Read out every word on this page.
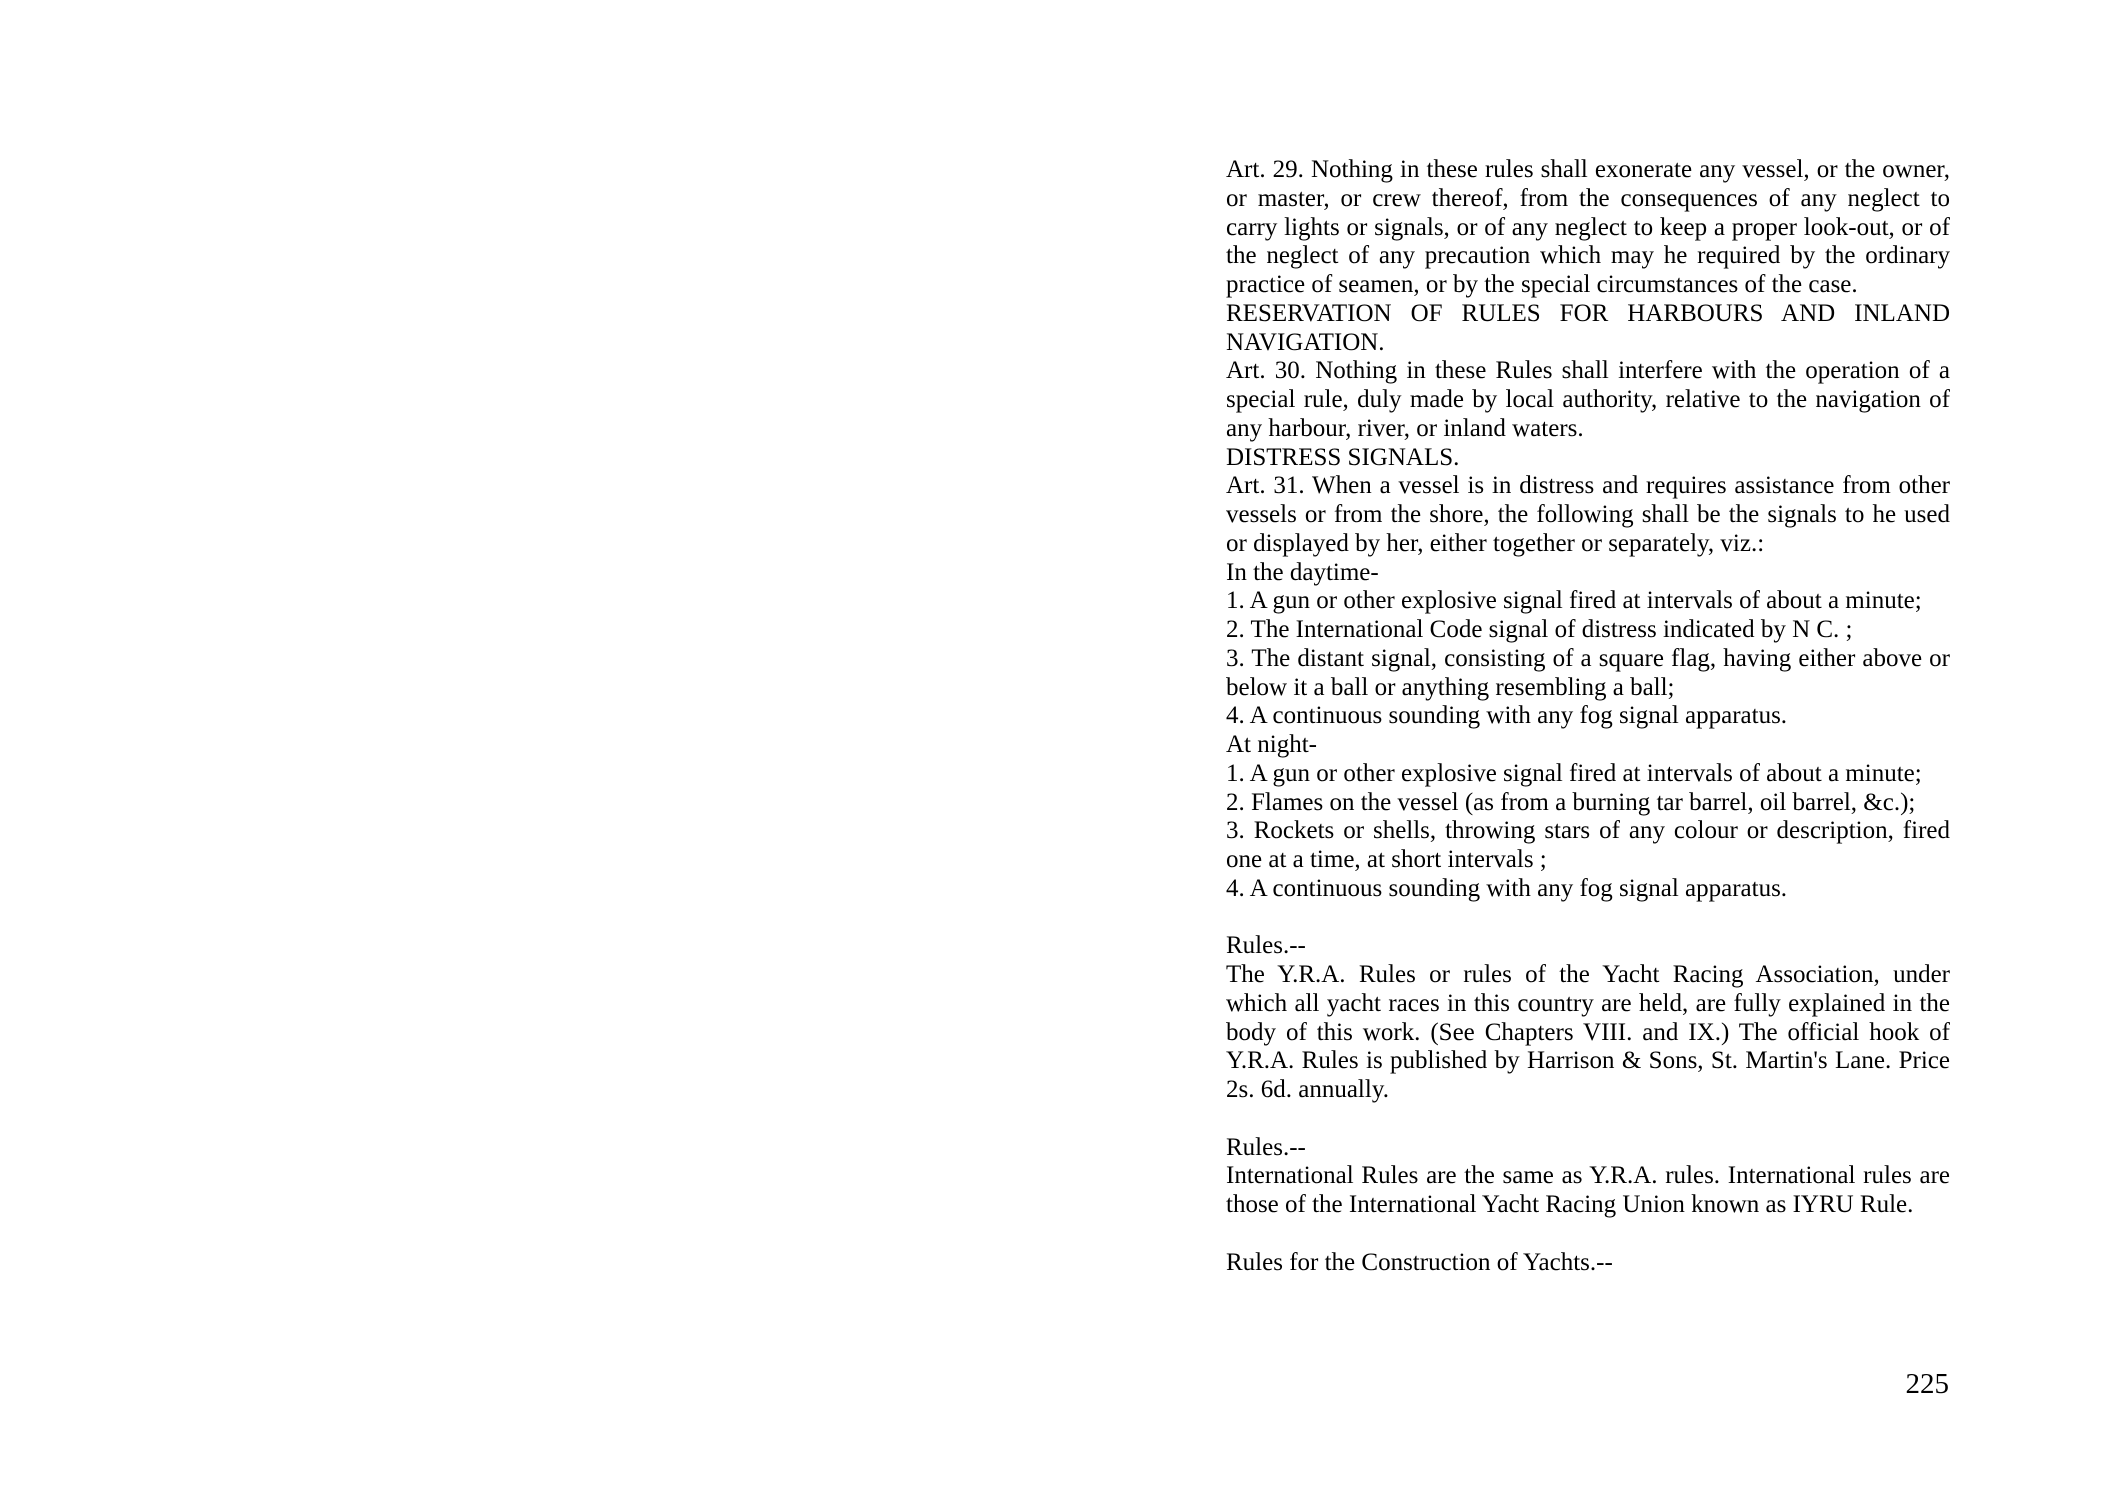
Art. 29. Nothing in these rules shall exonerate any vessel, or the owner,
or master, or crew thereof, from the consequences of any neglect to
carry lights or signals, or of any neglect to keep a proper look-out, or of
the neglect of any precaution which may he required by the ordinary
practice of seamen, or by the special circumstances of the case.
RESERVATION OF RULES FOR HARBOURS AND INLAND
NAVIGATION.
Art. 30. Nothing in these Rules shall interfere with the operation of a
special rule, duly made by local authority, relative to the navigation of
any harbour, river, or inland waters.
DISTRESS SIGNALS.
Art. 31. When a vessel is in distress and requires assistance from other
vessels or from the shore, the following shall be the signals to he used
or displayed by her, either together or separately, viz.:
In the daytime-
1. A gun or other explosive signal fired at intervals of about a minute;
2. The International Code signal of distress indicated by N C. ;
3. The distant signal, consisting of a square flag, having either above or
below it a ball or anything resembling a ball;
4. A continuous sounding with any fog signal apparatus.
At night-
1. A gun or other explosive signal fired at intervals of about a minute;
2. Flames on the vessel (as from a burning tar barrel, oil barrel, &c.);
3. Rockets or shells, throwing stars of any colour or description, fired
one at a time, at short intervals ;
4. A continuous sounding with any fog signal apparatus.
Rules.--
The Y.R.A. Rules or rules of the Yacht Racing Association, under
which all yacht races in this country are held, are fully explained in the
body of this work. (See Chapters VIII. and IX.) The official hook of
Y.R.A. Rules is published by Harrison & Sons, St. Martin's Lane. Price
2s. 6d. annually.
Rules.--
International Rules are the same as Y.R.A. rules. International rules are
those of the International Yacht Racing Union known as IYRU Rule.
Rules for the Construction of Yachts.--
225
